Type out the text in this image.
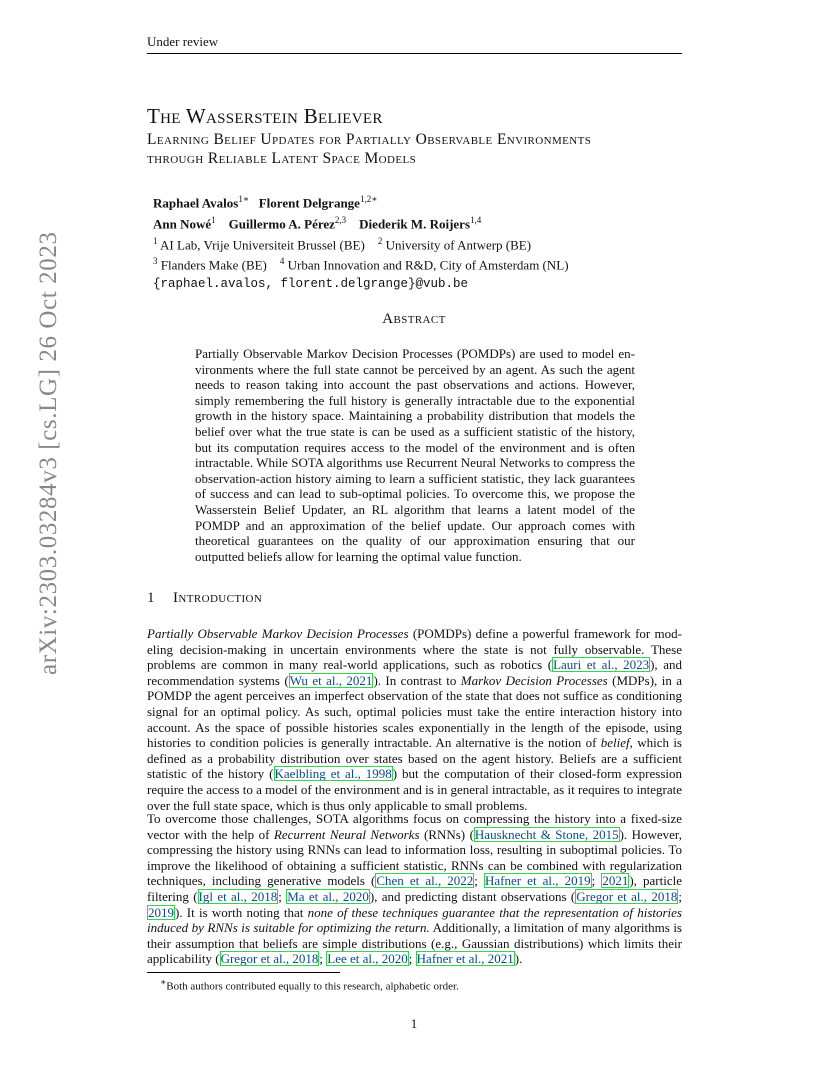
Under review
arXiv:2303.03284v3 [cs.LG] 26 Oct 2023
The Wasserstein Believer
Learning Belief Updates for Partially Observable Environments
through Reliable Latent Space Models
Raphael Avalos$^{1∗}$ Florent Delgrange$^{1,2∗}$
Ann Nowé$^1$ Guillermo A. Pérez$^{2,3}$ Diederik M. Roijers$^{1,4}$
$^1$ AI Lab, Vrije Universiteit Brussel (BE) $^2$ University of Antwerp (BE)
$^3$ Flanders Make (BE) $^4$ Urban Innovation and R&D, City of Amsterdam (NL)
{raphael.avalos, florent.delgrange}@vub.be
Abstract
Partially Observable Markov Decision Processes (POMDPs) are used to model environments where the full state cannot be perceived by an agent. As such the agent needs to reason taking into account the past observations and actions. However, simply remembering the full history is generally intractable due to the exponential growth in the history space. Maintaining a probability distribution that models the belief over what the true state is can be used as a sufficient statistic of the history, but its computation requires access to the model of the environment and is often intractable. While SOTA algorithms use Recurrent Neural Networks to compress the observation-action history aiming to learn a sufficient statistic, they lack guarantees of success and can lead to sub-optimal policies. To overcome this, we propose the Wasserstein Belief Updater, an RL algorithm that learns a latent model of the POMDP and an approximation of the belief update. Our approach comes with theoretical guarantees on the quality of our approximation ensuring that our outputted beliefs allow for learning the optimal value function.
1 Introduction
Partially Observable Markov Decision Processes (POMDPs) define a powerful framework for modeling decision-making in uncertain environments where the state is not fully observable. These problems are common in many real-world applications, such as robotics (Lauri et al., 2023), and recommendation systems (Wu et al., 2021). In contrast to Markov Decision Processes (MDPs), in a POMDP the agent perceives an imperfect observation of the state that does not suffice as conditioning signal for an optimal policy. As such, optimal policies must take the entire interaction history into account. As the space of possible histories scales exponentially in the length of the episode, using histories to condition policies is generally intractable. An alternative is the notion of belief, which is defined as a probability distribution over states based on the agent history. Beliefs are a sufficient statistic of the history (Kaelbling et al., 1998) but the computation of their closed-form expression require the access to a model of the environment and is in general intractable, as it requires to integrate over the full state space, which is thus only applicable to small problems.
To overcome those challenges, SOTA algorithms focus on compressing the history into a fixed-size vector with the help of Recurrent Neural Networks (RNNs) (Hausknecht & Stone, 2015). However, compressing the history using RNNs can lead to information loss, resulting in suboptimal policies. To improve the likelihood of obtaining a sufficient statistic, RNNs can be combined with regularization techniques, including generative models (Chen et al., 2022; Hafner et al., 2019; 2021), particle filtering (Igl et al., 2018; Ma et al., 2020), and predicting distant observations (Gregor et al., 2018; 2019). It is worth noting that none of these techniques guarantee that the representation of histories induced by RNNs is suitable for optimizing the return. Additionally, a limitation of many algorithms is their assumption that beliefs are simple distributions (e.g., Gaussian distributions) which limits their applicability (Gregor et al., 2018; Lee et al., 2020; Hafner et al., 2021).
∗Both authors contributed equally to this research, alphabetic order.
1
